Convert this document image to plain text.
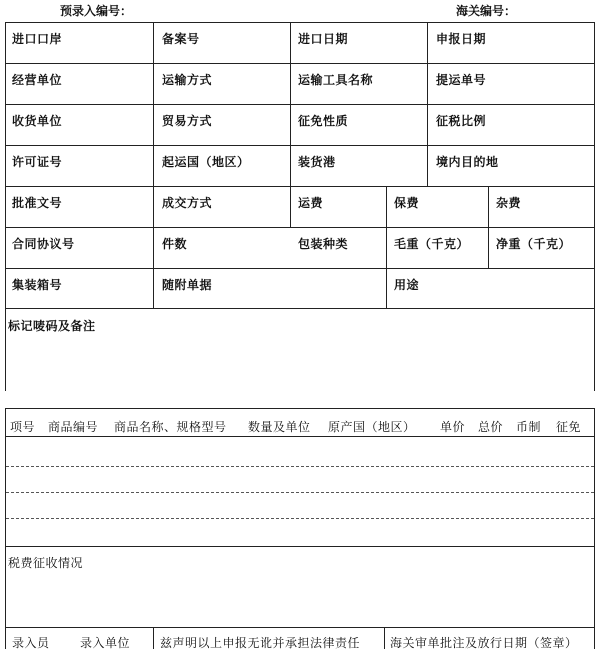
预录入编号：	海关编号：
进口口岸	备案号	进口日期	申报日期
经营单位	运输方式	运输工具名称	提运单号
收货单位	贸易方式	征免性质	征税比例
许可证号	起运国（地区）	装货港	境内目的地
批准文号	成交方式	运费	保费	杂费
合同协议号	件数	包装种类	毛重（千克） 净重（千克）
集装箱号	随附单据	用途
标记唛码及备注
项号 商品编号 商品名称、规格型号 数量及单位 原产国（地区） 单价 总价 币制 征免
税费征收情况
录入员	录入单位 兹声明以上申报无讹并承担法律责任 海关审单批注及放行日期（签章）
